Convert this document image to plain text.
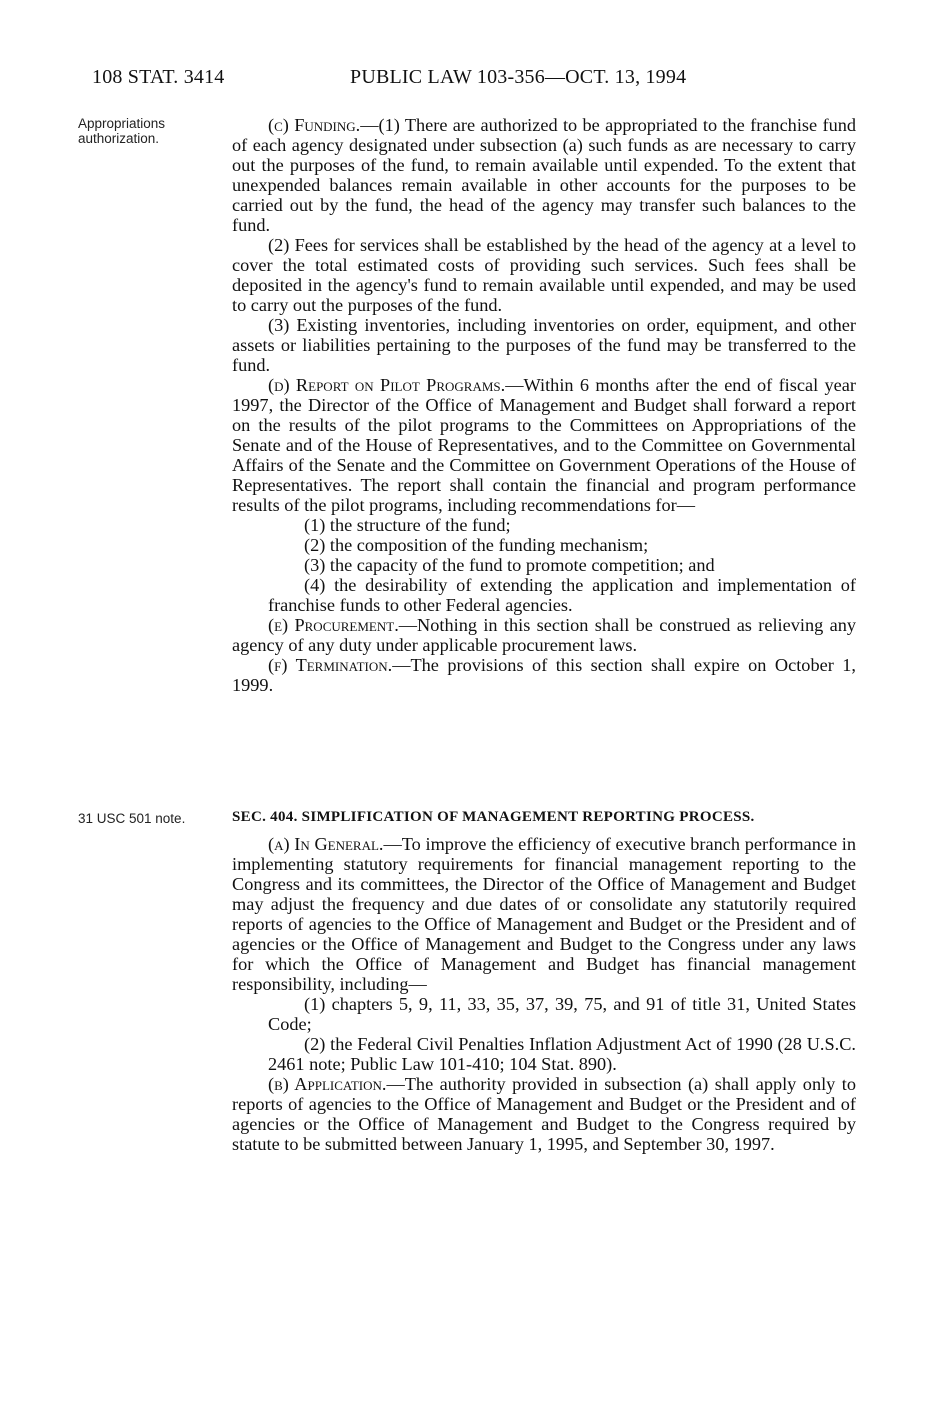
108 STAT. 3414	PUBLIC LAW 103-356—OCT. 13, 1994
Appropriations authorization.

(c) Funding.—(1) There are authorized to be appropriated to the franchise fund of each agency designated under subsection (a) such funds as are necessary to carry out the purposes of the fund, to remain available until expended. To the extent that unexpended balances remain available in other accounts for the purposes to be carried out by the fund, the head of the agency may transfer such balances to the fund.

(2) Fees for services shall be established by the head of the agency at a level to cover the total estimated costs of providing such services. Such fees shall be deposited in the agency's fund to remain available until expended, and may be used to carry out the purposes of the fund.

(3) Existing inventories, including inventories on order, equipment, and other assets or liabilities pertaining to the purposes of the fund may be transferred to the fund.

(d) Report on Pilot Programs.—Within 6 months after the end of fiscal year 1997, the Director of the Office of Management and Budget shall forward a report on the results of the pilot programs to the Committees on Appropriations of the Senate and of the House of Representatives, and to the Committee on Governmental Affairs of the Senate and the Committee on Government Operations of the House of Representatives. The report shall contain the financial and program performance results of the pilot programs, including recommendations for—

(1) the structure of the fund;

(2) the composition of the funding mechanism;

(3) the capacity of the fund to promote competition; and

(4) the desirability of extending the application and implementation of franchise funds to other Federal agencies.

(e) Procurement.—Nothing in this section shall be construed as relieving any agency of any duty under applicable procurement laws.

(f) Termination.—The provisions of this section shall expire on October 1, 1999.

31 USC 501 note.	SEC. 404. SIMPLIFICATION OF MANAGEMENT REPORTING PROCESS.

(a) In General.—To improve the efficiency of executive branch performance in implementing statutory requirements for financial management reporting to the Congress and its committees, the Director of the Office of Management and Budget may adjust the frequency and due dates of or consolidate any statutorily required reports of agencies to the Office of Management and Budget or the President and of agencies or the Office of Management and Budget to the Congress under any laws for which the Office of Management and Budget has financial management responsibility, including—

(1) chapters 5, 9, 11, 33, 35, 37, 39, 75, and 91 of title 31, United States Code;

(2) the Federal Civil Penalties Inflation Adjustment Act of 1990 (28 U.S.C. 2461 note; Public Law 101-410; 104 Stat. 890).

(b) Application.—The authority provided in subsection (a) shall apply only to reports of agencies to the Office of Management and Budget or the President and of agencies or the Office of Management and Budget to the Congress required by statute to be submitted between January 1, 1995, and September 30, 1997.
